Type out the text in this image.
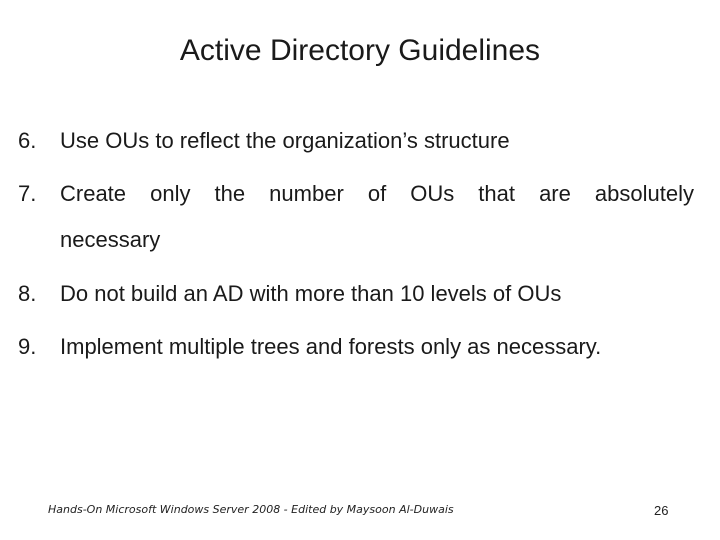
Active Directory Guidelines
6. Use OUs to reflect the organization’s structure
7. Create only the number of OUs that are absolutely
necessary
8. Do not build an AD with more than 10 levels of OUs
9. Implement multiple trees and forests only as necessary.
Hands-On Microsoft Windows Server 2008 - Edited by Maysoon Al-Duwais	26
